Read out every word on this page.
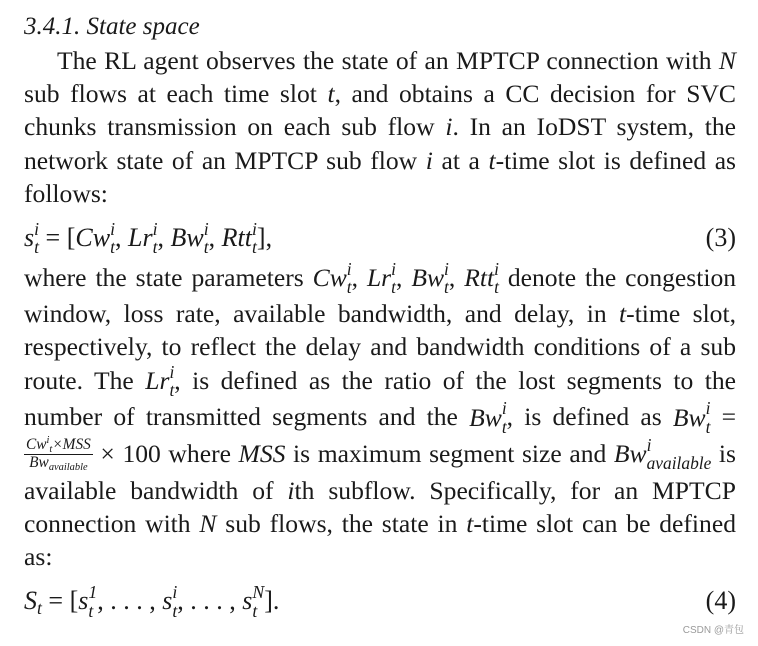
3.4.1. State space

The RL agent observes the state of an MPTCP connection with N sub flows at each time slot t, and obtains a CC decision for SVC chunks transmission on each sub flow i. In an IoDST system, the network state of an MPTCP sub flow i at a t-time slot is defined as follows:

s i
t = [Cw i
t , Lr i
t , Bw i
t , Rtt i
t ],	(3)

where the state parameters Cw i
t , Lr i
t , Bw i
t , Rtt i
t denote the congestion window, loss rate, available bandwidth, and delay, in t-time slot, respectively, to reflect the delay and bandwidth conditions of a sub route. The Lr i
t , is defined as the ratio of the lost segments to the number of transmitted segments and the Bw i
t , is defined as Bw i
t =
$\frac{Cw^i_t\times MSS}{Bw_{available}} \times 100$ where MSS is maximum segment size and Bw i
available is available bandwidth of ith subflow. Specifically, for an MPTCP connection with N sub flows, the state in t-time slot can be defined as:

$S_t = [s$ 1
t , . . . , s i
t , . . . , s N
t ].	(4)
CSDN @青包
